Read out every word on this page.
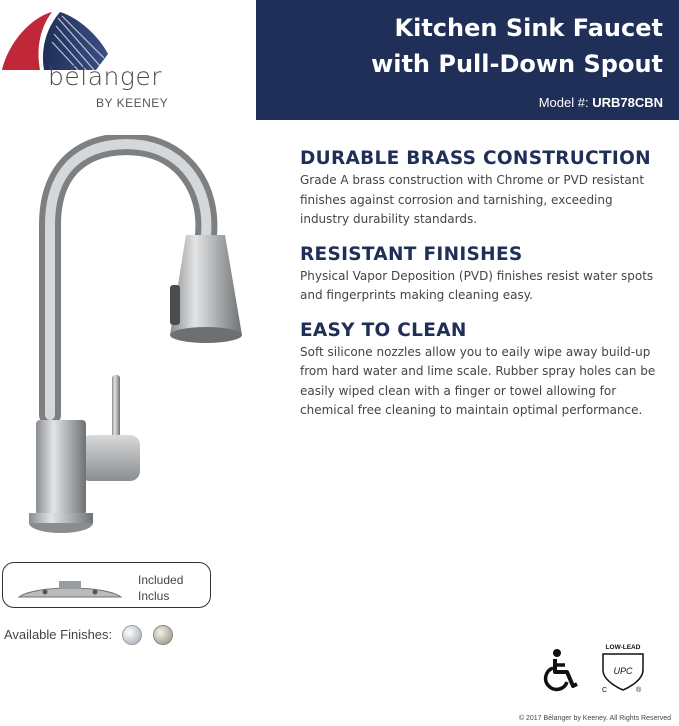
bélanger
BY KEENEY
Kitchen Sink Faucet
with Pull-Down Spout
Model #: URB78CBN
DURABLE BRASS CONSTRUCTION
Grade A brass construction with Chrome or PVD resistant finishes against corrosion and tarnishing, exceeding industry durability standards.
RESISTANT FINISHES
Physical Vapor Deposition (PVD) finishes resist water spots and fingerprints making cleaning easy.
EASY TO CLEAN
Soft silicone nozzles allow you to eaily wipe away build-up from hard water and lime scale. Rubber spray holes can be easily wiped clean with a finger or towel allowing for chemical free cleaning to maintain optimal performance.
Included
Inclus
Available Finishes:
LOW-LEAD
UPC
C	®
© 2017 Bélanger by Keeney. All Rights Reserved
